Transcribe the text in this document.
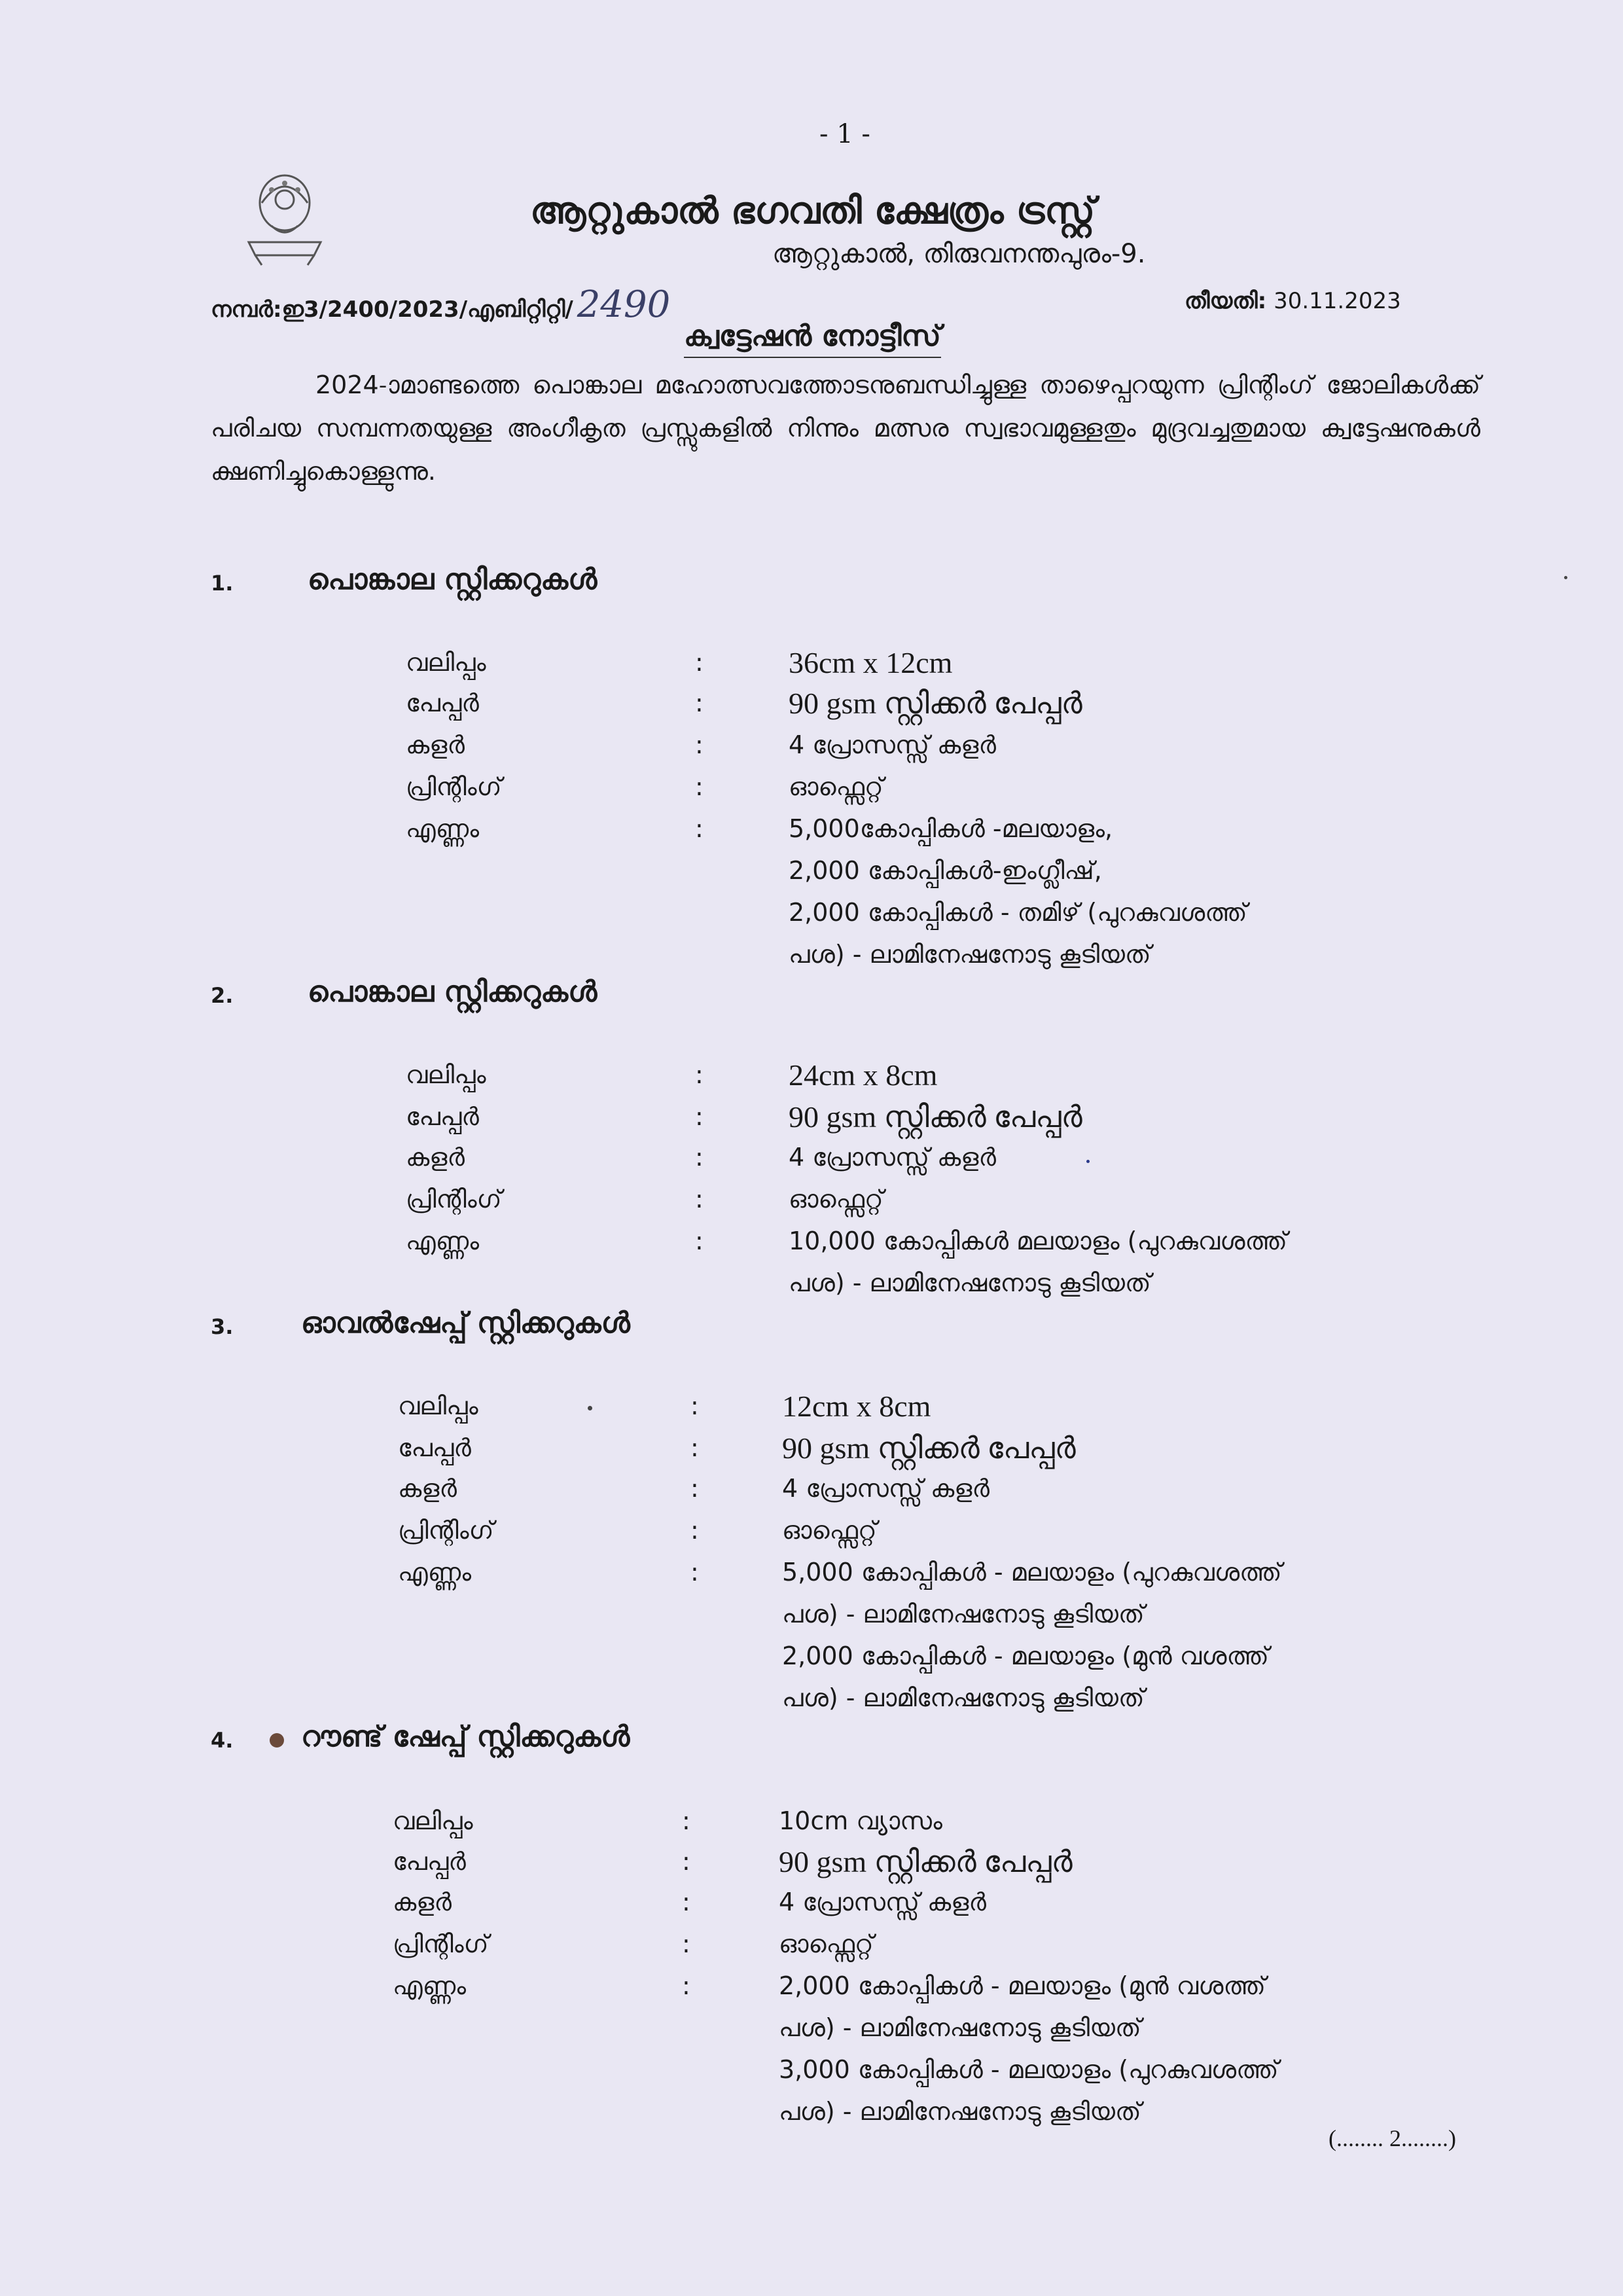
- 1 -
ആറ്റുകാൽ ഭഗവതി ക്ഷേത്രം ട്രസ്റ്റ്
ആറ്റുകാൽ, തിരുവനന്തപുരം-9.
നമ്പർ:ഇ3/2400/2023/എബിറ്റിറ്റി/ 2490	തീയതി: 30.11.2023
ക്വട്ടേഷൻ നോട്ടീസ്
2024-ാമാണ്ടത്തെ പൊങ്കാല മഹോത്സവത്തോടനുബന്ധിച്ചുള്ള താഴെപ്പറയുന്ന പ്രിന്റിംഗ് ജോലികൾക്ക് പരിചയ സമ്പന്നതയുള്ള അംഗീകൃത പ്രസ്സുകളിൽ നിന്നും മത്സര സ്വഭാവമുള്ളതും മുദ്രവച്ചതുമായ ക്വട്ടേഷനുകൾ ക്ഷണിച്ചുകൊള്ളുന്നു.
1.	പൊങ്കാല സ്റ്റിക്കറുകൾ
വലിപ്പം	:	36cm x 12cm
പേപ്പർ	:	90 gsm സ്റ്റിക്കർ പേപ്പർ
കളർ	:	4 പ്രോസസ്സ് കളർ
പ്രിന്റിംഗ്	:	ഓഫ്സെറ്റ്
എണ്ണം	:	5,000കോപ്പികൾ -മലയാളം,
2,000 കോപ്പികൾ-ഇംഗ്ലീഷ്,
2,000 കോപ്പികൾ - തമിഴ് (പുറകുവശത്ത്
പശ) - ലാമിനേഷനോടു കൂടിയത്
2.	പൊങ്കാല സ്റ്റിക്കറുകൾ
വലിപ്പം	:	24cm x 8cm
പേപ്പർ	:	90 gsm സ്റ്റിക്കർ പേപ്പർ
കളർ	:	4 പ്രോസസ്സ് കളർ
പ്രിന്റിംഗ്	:	ഓഫ്സെറ്റ്
എണ്ണം	:	10,000 കോപ്പികൾ മലയാളം (പുറകുവശത്ത്
പശ) - ലാമിനേഷനോടു കൂടിയത്
3. ഓവൽഷേപ്പ് സ്റ്റിക്കറുകൾ
വലിപ്പം	:	12cm x 8cm
പേപ്പർ	:	90 gsm സ്റ്റിക്കർ പേപ്പർ
കളർ	:	4 പ്രോസസ്സ് കളർ
പ്രിന്റിംഗ്	:	ഓഫ്സെറ്റ്
എണ്ണം	:	5,000 കോപ്പികൾ - മലയാളം (പുറകുവശത്ത്
പശ) - ലാമിനേഷനോടു കൂടിയത്
2,000 കോപ്പികൾ - മലയാളം (മുൻ വശത്ത്
പശ) - ലാമിനേഷനോടു കൂടിയത്
4. റൗണ്ട് ഷേപ്പ് സ്റ്റിക്കറുകൾ
വലിപ്പം	:	10cm വ്യാസം
പേപ്പർ	:	90 gsm സ്റ്റിക്കർ പേപ്പർ
കളർ	:	4 പ്രോസസ്സ് കളർ
പ്രിന്റിംഗ്	:	ഓഫ്സെറ്റ്
എണ്ണം	:	2,000 കോപ്പികൾ - മലയാളം (മുൻ വശത്ത്
പശ) - ലാമിനേഷനോടു കൂടിയത്
3,000 കോപ്പികൾ - മലയാളം (പുറകുവശത്ത്
പശ) - ലാമിനേഷനോടു കൂടിയത്
(........ 2........)
